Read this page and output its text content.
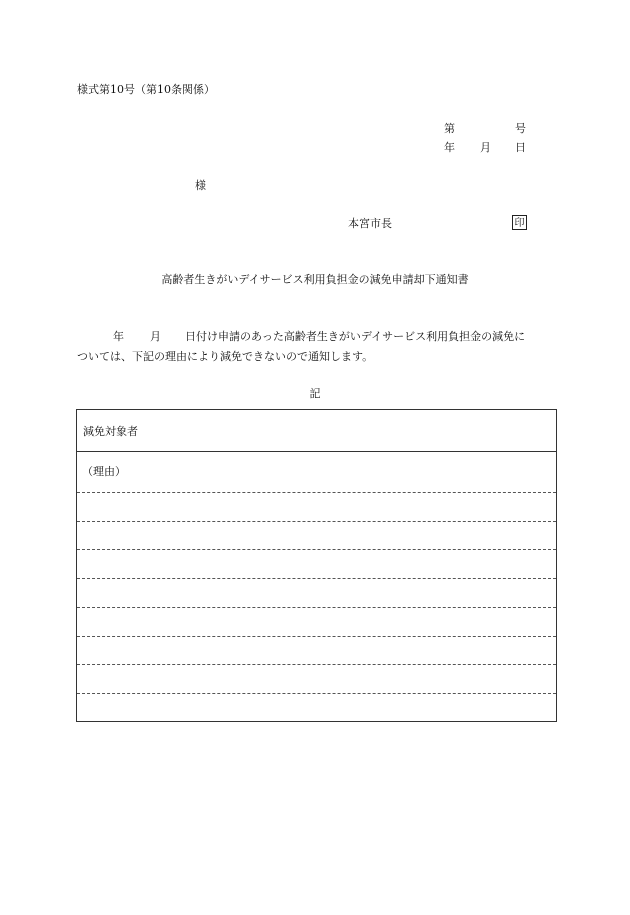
様式第10号（第10条関係）
第	号
年 月 日
様
本宮市長	印
高齢者生きがいデイサービス利用負担金の減免申請却下通知書
年 月 日付け申請のあった高齢者生きがいデイサービス利用負担金の減免に
ついては、下記の理由により減免できないので通知します。
記
減免対象者
（理由）
